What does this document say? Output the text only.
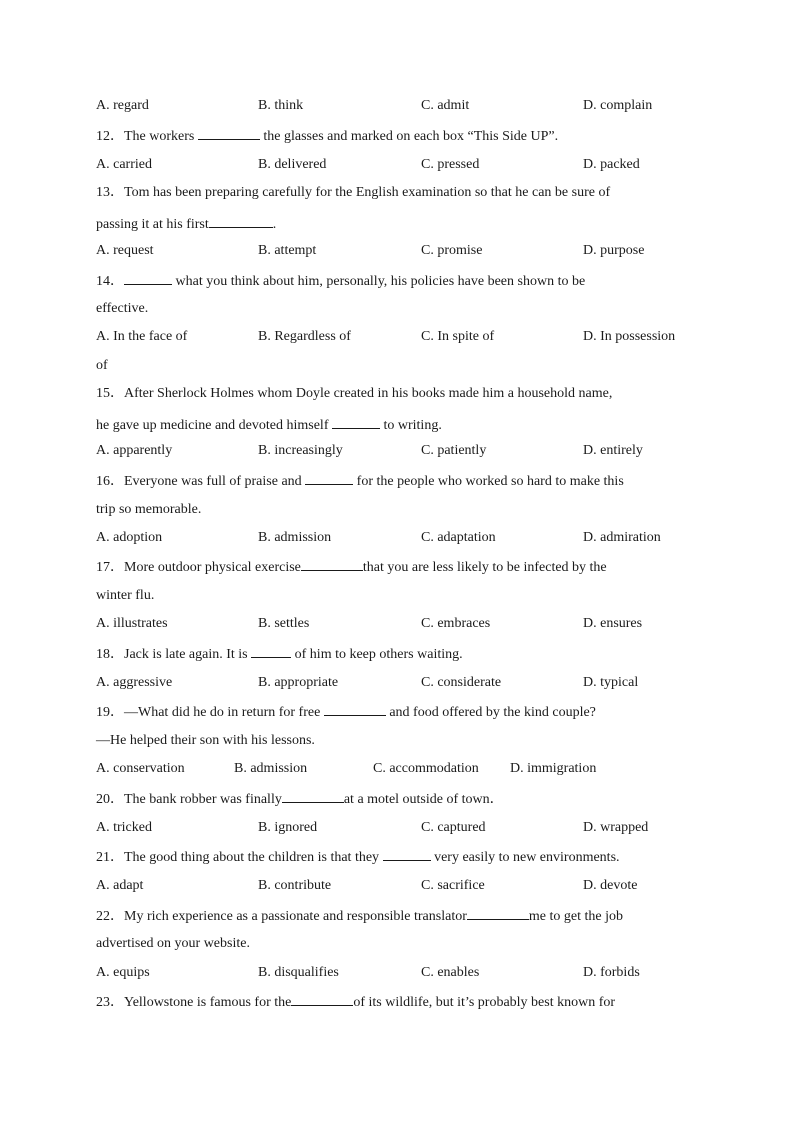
A. regard	B. think	C. admit	D. complain
12．The workers	the glasses and marked on each box “This Side UP”.
A. carried	B. delivered	C. pressed	D. packed
13．Tom has been preparing carefully for the English examination so that he can be sure of
passing it at his first	.
A. request	B. attempt	C. promise	D. purpose
14．	what you think about him, personally, his policies have been shown to be
effective.
A. In the face of	B. Regardless of	C. In spite of	D. In possession
of
15．After Sherlock Holmes whom Doyle created in his books made him a household name,
he gave up medicine and devoted himself	to writing.
A. apparently	B. increasingly	C. patiently	D. entirely
16．Everyone was full of praise and	for the people who worked so hard to make this
trip so memorable.
A. adoption	B. admission	C. adaptation	D. admiration
17．More outdoor physical exercise	that you are less likely to be infected by the
winter flu.
A. illustrates	B. settles	C. embraces	D. ensures
18．Jack is late again. It is	of him to keep others waiting.
A. aggressive	B. appropriate	C. considerate	D. typical
19．—What did he do in return for free	and food offered by the kind couple?
—He helped their son with his lessons.
A. conservation	B. admission	C. accommodation D. immigration
20．The bank robber was finally	at a motel outside of town．
A. tricked	B. ignored	C. captured	D. wrapped
21．The good thing about the children is that they	very easily to new environments.
A. adapt	B. contribute	C. sacrifice	D. devote
22．My rich experience as a passionate and responsible translator	me to get the job
advertised on your website.
A. equips	B. disqualifies	C. enables	D. forbids
23．Yellowstone is famous for the	of its wildlife, but it’s probably best known for
